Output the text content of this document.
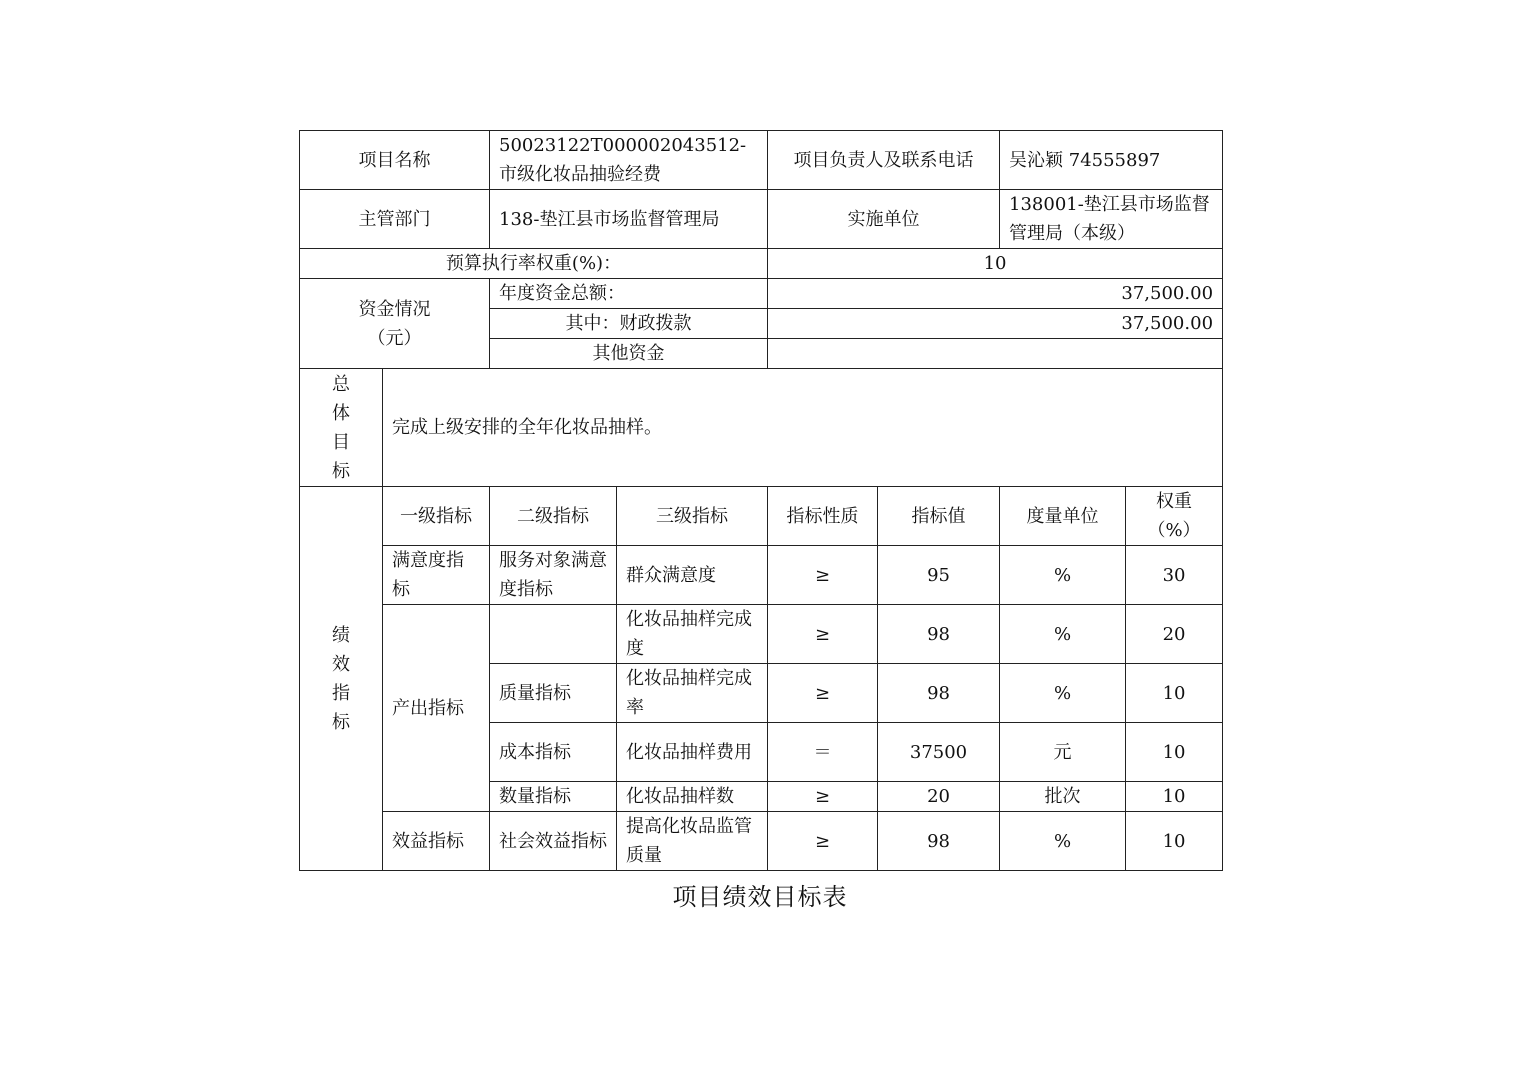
项目名称		50023122T000002043512-市级化妆品抽验经费		项目负责人及联系电话		吴沁颖 74555897	
主管部门		138-垫江县市场监督管理局		实施单位		138001-垫江县市场监督管理局（本级）	
预算执行率权重(%)：				10			

资金情况
（元）		年度资金总额：		37,500.00			
		其中：财政拨款		37,500.00			
		其他资金					

总
体
目
标	完成上级安排的全年化妆品抽样。						

绩
效
指
标	一级指标	二级指标	三级指标	指标性质	指标值	度量单位	权重（%）
	满意度指标	服务对象满意度指标	群众满意度	≥	95	%	30
	产出指标		化妆品抽样完成度	≥	98	%	20
		质量指标	化妆品抽样完成率	≥	98	%	10
		成本指标	化妆品抽样费用	＝	37500	元	10
		数量指标	化妆品抽样数	≥	20	批次	10
	效益指标	社会效益指标	提高化妆品监管质量	≥	98	%	10
项目绩效目标表
